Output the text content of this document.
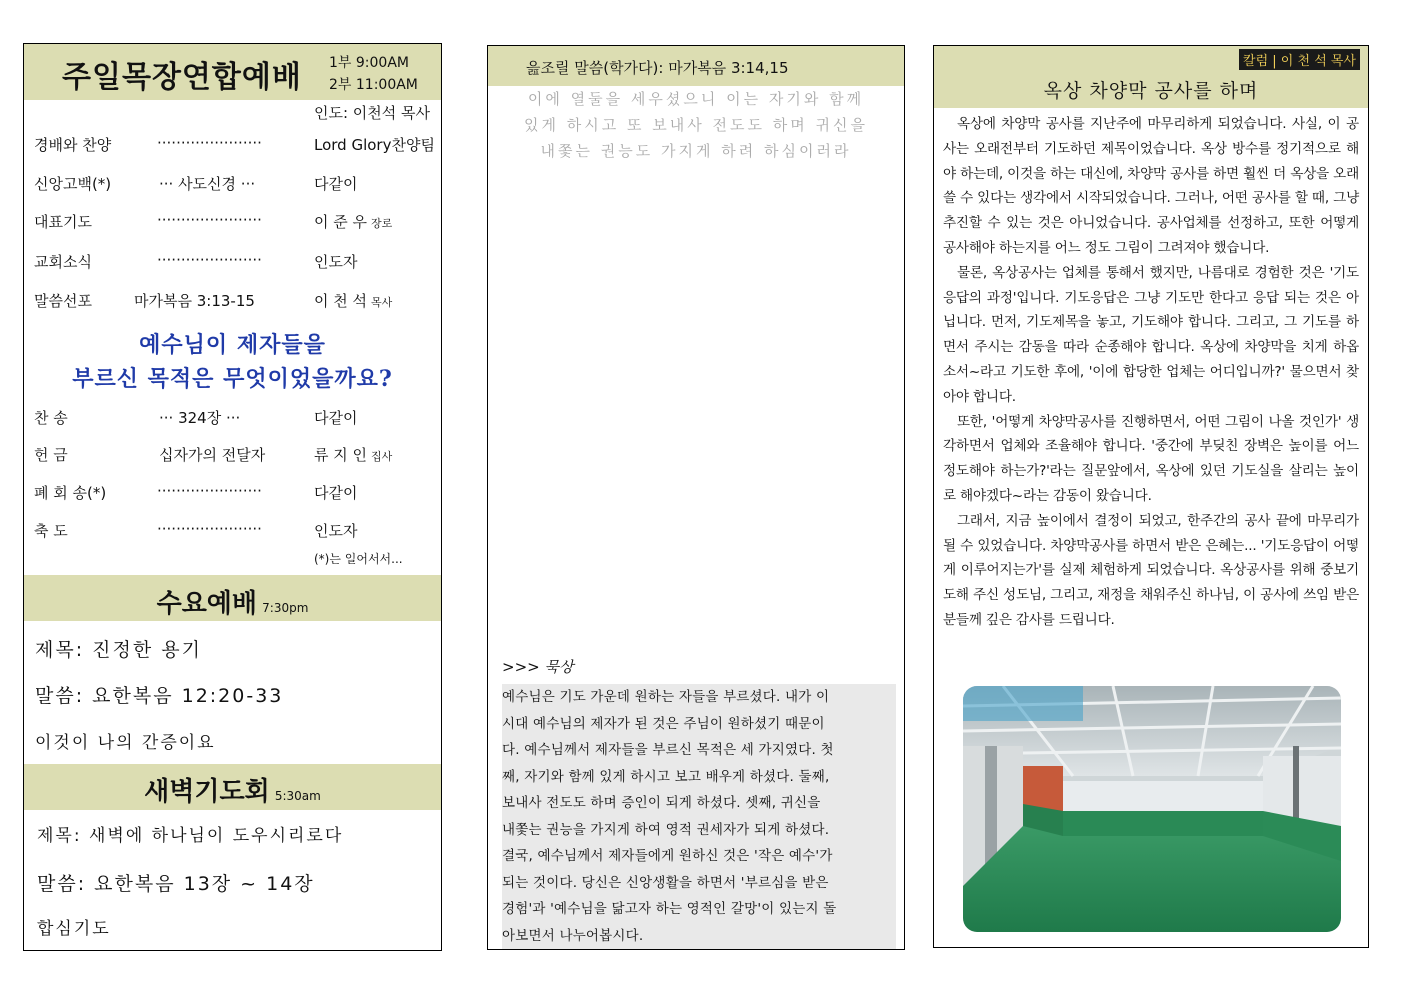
주일목장연합예배 1부 9:00AM
2부 11:00AM
인도: 이천석 목사
경배와 찬양	······················	Lord Glory찬양팀
신앙고백(*)	··· 사도신경 ···	다같이
대표기도	······················	이 준 우 장로
교회소식	······················	인도자
말씀선포	마가복음 3:13-15	이 천 석 목사
예수님이 제자들을
부르신 목적은 무엇이었을까요?
찬 송	··· 324장 ···	다같이
헌 금	십자가의 전달자	류 지 인 집사
폐 회 송(*)	······················	다같이
축 도	······················	인도자
(*)는 일어서서...
수요예배 7:30pm
제목: 진정한 용기
말씀: 요한복음 12:20-33
이것이 나의 간증이요
새벽기도회 5:30am
제목: 새벽에 하나님이 도우시리로다
말씀: 요한복음 13장 ~ 14장
합심기도
읊조릴 말씀(학가다): 마가복음 3:14,15
이에 열둘을 세우셨으니 이는 자기와 함께
있게 하시고 또 보내사 전도도 하며 귀신을
내쫓는 권능도 가지게 하려 하심이러라
>>> 묵상
예수님은 기도 가운데 원하는 자들을 부르셨다. 내가 이
시대 예수님의 제자가 된 것은 주님이 원하셨기 때문이
다. 예수님께서 제자들을 부르신 목적은 세 가지였다. 첫
째, 자기와 함께 있게 하시고 보고 배우게 하셨다. 둘째,
보내사 전도도 하며 증인이 되게 하셨다. 셋째, 귀신을
내쫓는 권능을 가지게 하여 영적 권세자가 되게 하셨다.
결국, 예수님께서 제자들에게 원하신 것은 '작은 예수'가
되는 것이다. 당신은 신앙생활을 하면서 '부르심을 받은
경험'과 '예수님을 닮고자 하는 영적인 갈망'이 있는지 돌
아보면서 나누어봅시다.
칼럼 | 이 천 석 목사
옥상 차양막 공사를 하며

옥상에 차양막 공사를 지난주에 마무리하게 되었습니다. 사실, 이 공사는 오래전부터 기도하던 제목이었습니다. 옥상 방수를 정기적으로 해야 하는데, 이것을 하는 대신에, 차양막 공사를 하면 훨씬 더 옥상을 오래 쓸 수 있다는 생각에서 시작되었습니다. 그러나, 어떤 공사를 할 때, 그냥 추진할 수 있는 것은 아니었습니다. 공사업체를 선정하고, 또한 어떻게 공사해야 하는지를 어느 정도 그림이 그려져야 했습니다.

물론, 옥상공사는 업체를 통해서 했지만, 나름대로 경험한 것은 '기도응답의 과정'입니다. 기도응답은 그냥 기도만 한다고 응답 되는 것은 아닙니다. 먼저, 기도제목을 놓고, 기도해야 합니다. 그리고, 그 기도를 하면서 주시는 감동을 따라 순종해야 합니다. 옥상에 차양막을 치게 하옵소서~라고 기도한 후에, '이에 합당한 업체는 어디입니까?' 물으면서 찾아야 합니다.

또한, '어떻게 차양막공사를 진행하면서, 어떤 그림이 나올 것인가' 생각하면서 업체와 조율해야 합니다. '중간에 부딪친 장벽은 높이를 어느 정도해야 하는가?'라는 질문앞에서, 옥상에 있던 기도실을 살리는 높이로 해야겠다~라는 감동이 왔습니다.

그래서, 지금 높이에서 결정이 되었고, 한주간의 공사 끝에 마무리가 될 수 있었습니다. 차양막공사를 하면서 받은 은혜는... '기도응답이 어떻게 이루어지는가'를 실제 체험하게 되었습니다. 옥상공사를 위해 중보기도해 주신 성도님, 그리고, 재정을 채워주신 하나님, 이 공사에 쓰임 받은 분들께 깊은 감사를 드립니다.
